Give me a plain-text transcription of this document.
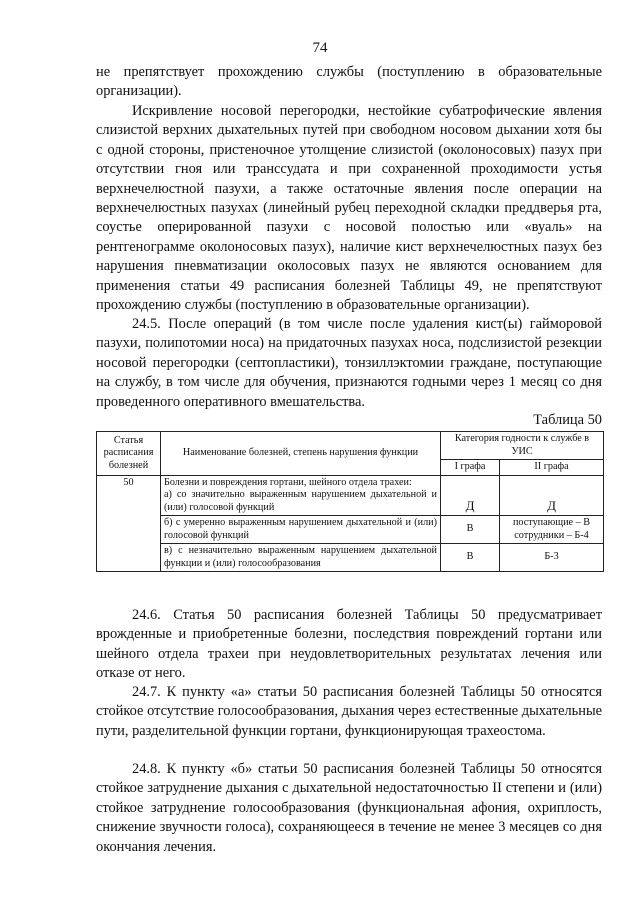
74

не препятствует прохождению службы (поступлению в образовательные организации).

Искривление носовой перегородки, нестойкие субатрофические явления слизистой верхних дыхательных путей при свободном носовом дыхании хотя бы с одной стороны, пристеночное утолщение слизистой (околоносовых) пазух при отсутствии гноя или транссудата и при сохраненной проходимости устья верхнечелюстной пазухи, а также остаточные явления после операции на верхнечелюстных пазухах (линейный рубец переходной складки преддверья рта, соустье оперированной пазухи с носовой полостью или «вуаль» на рентгенограмме околоносовых пазух), наличие кист верхнечелюстных пазух без нарушения пневматизации околосовых пазух не являются основанием для применения статьи 49 расписания болезней Таблицы 49, не препятствуют прохождению службы (поступлению в образовательные организации).

24.5. После операций (в том числе после удаления кист(ы) гайморовой пазухи, полипотомии носа) на придаточных пазухах носа, подслизистой резекции носовой перегородки (септопластики), тонзиллэктомии граждане, поступающие на службу, в том числе для обучения, признаются годными через 1 месяц со дня проведенного оперативного вмешательства.

Таблица 50
Статья расписания болезней	Наименование болезней, степень нарушения функции	Категория годности к службе в УИС	
		I графа	II графа
50	Болезни и повреждения гортани, шейного отдела трахеи:
а) со значительно выраженным нарушением дыхательной и (или) голосовой функций	Д	Д
	б) с умеренно выраженным нарушением дыхательной и (или) голосовой функций	В	поступающие – В сотрудники – Б-4
	в) с незначительно выраженным нарушением дыхательной функции и (или) голосообразования	В	Б-3

24.6. Статья 50 расписания болезней Таблицы 50 предусматривает врожденные и приобретенные болезни, последствия повреждений гортани или шейного отдела трахеи при неудовлетворительных результатах лечения или отказе от него.

24.7. К пункту «а» статьи 50 расписания болезней Таблицы 50 относятся стойкое отсутствие голосообразования, дыхания через естественные дыхательные пути, разделительной функции гортани, функционирующая трахеостома.

24.8. К пункту «б» статьи 50 расписания болезней Таблицы 50 относятся стойкое затруднение дыхания с дыхательной недостаточностью II степени и (или) стойкое затруднение голосообразования (функциональная афония, охриплость, снижение звучности голоса), сохраняющееся в течение не менее 3 месяцев со дня окончания лечения.
